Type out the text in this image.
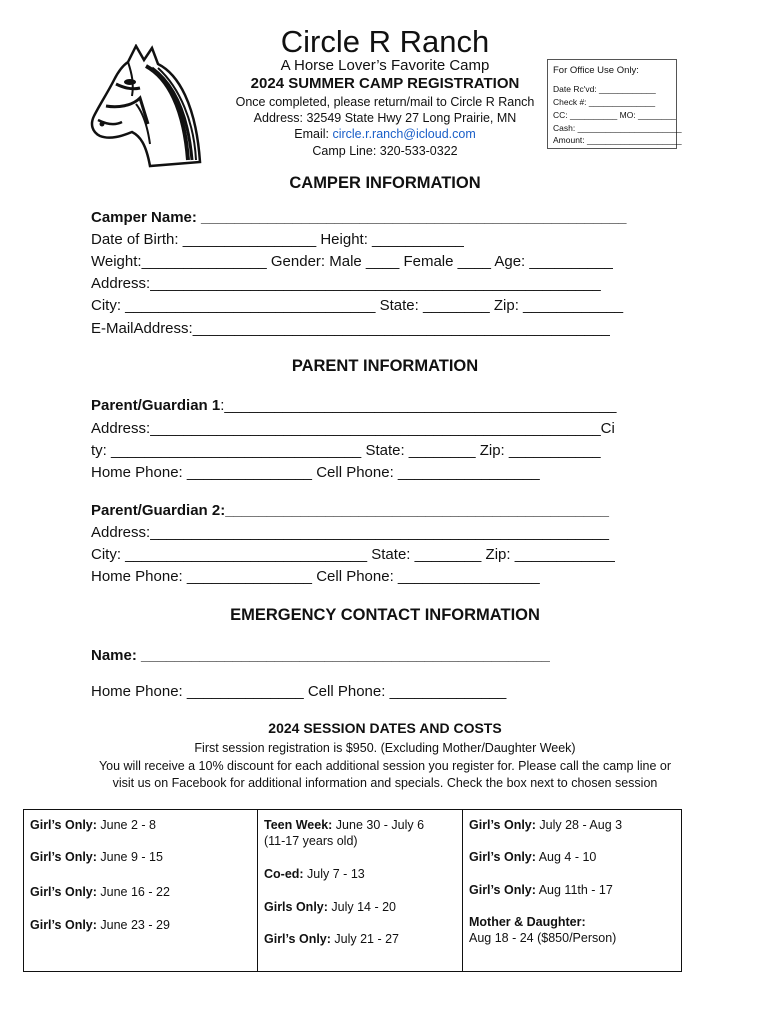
Circle R Ranch
A Horse Lover’s Favorite Camp
2024 SUMMER CAMP REGISTRATION
Once completed, please return/mail to Circle R Ranch
Address: 32549 State Hwy 27 Long Prairie, MN
Email: circle.r.ranch@icloud.com
Camp Line: 320-533-0322
For Office Use Only:
Date Rc'vd: ____________
Check #: ______________
CC: __________ MO: ________
Cash: ______________________
Amount: ____________________
CAMPER INFORMATION
Camper Name: ___________________________________________________
Date of Birth: ________________ Height: ___________
Weight:_______________ Gender: Male ____ Female ____ Age: __________
Address:______________________________________________________
City: ______________________________ State: ________ Zip: ____________
E-MailAddress:__________________________________________________
PARENT INFORMATION
Parent/Guardian 1:_______________________________________________
Address:______________________________________________________Ci
ty: ______________________________ State: ________ Zip: ___________
Home Phone: _______________ Cell Phone: _________________
Parent/Guardian 2:______________________________________________
Address:_______________________________________________________
City: _____________________________ State: ________ Zip: ____________
Home Phone: _______________ Cell Phone: _________________
EMERGENCY CONTACT INFORMATION
Name: _________________________________________________
Home Phone: ______________ Cell Phone: ______________
2024 SESSION DATES AND COSTS
First session registration is $950. (Excluding Mother/Daughter Week)
You will receive a 10% discount for each additional session you register for. Please call the camp line or
visit us on Facebook for additional information and specials. Check the box next to chosen session
Girl’s Only: June 2 - 8
Girl’s Only: June 9 - 15
Girl’s Only: June 16 - 22
Girl’s Only: June 23 - 29
Teen Week: June 30 - July 6
(11-17 years old)
Co-ed: July 7 - 13
Girls Only: July 14 - 20
Girl’s Only: July 21 - 27
Girl’s Only: July 28 - Aug 3
Girl’s Only: Aug 4 - 10
Girl’s Only: Aug 11th - 17
Mother & Daughter:
Aug 18 - 24 ($850/Person)
